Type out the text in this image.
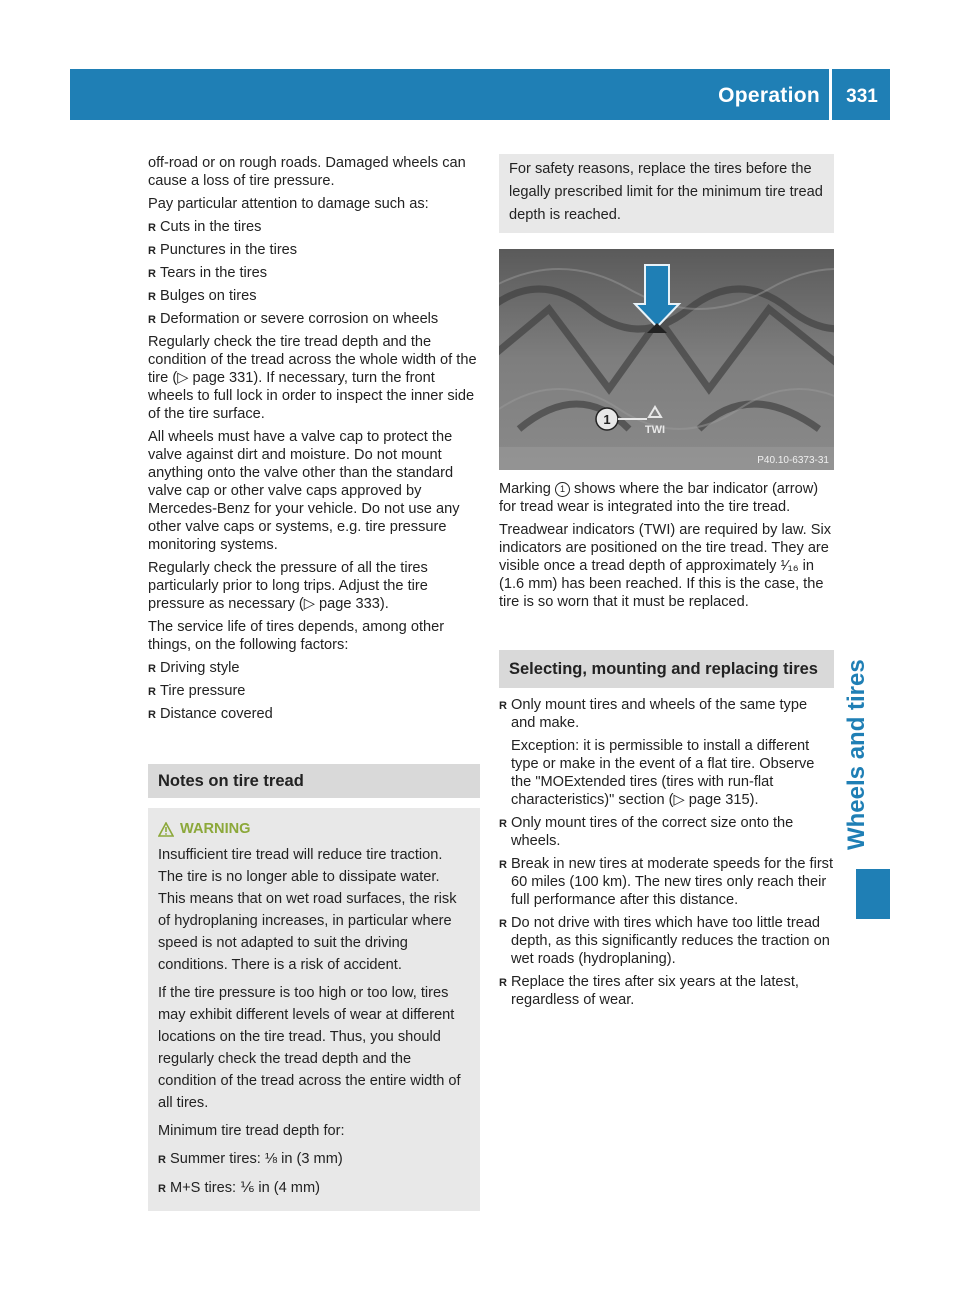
Operation	331
Wheels and tires

off-road or on rough roads. Damaged wheels can cause a loss of tire pressure.

Pay particular attention to damage such as:

R Cuts in the tires
R Punctures in the tires
R Tears in the tires
R Bulges on tires
R Deformation or severe corrosion on wheels

Regularly check the tire tread depth and the condition of the tread across the whole width of the tire (▷ page 331). If necessary, turn the front wheels to full lock in order to inspect the inner side of the tire surface.

All wheels must have a valve cap to protect the valve against dirt and moisture. Do not mount anything onto the valve other than the standard valve cap or other valve caps approved by Mercedes-Benz for your vehicle. Do not use any other valve caps or systems, e.g. tire pressure monitoring systems.

Regularly check the pressure of all the tires particularly prior to long trips. Adjust the tire pressure as necessary (▷ page 333).

The service life of tires depends, among other things, on the following factors:

R Driving style
R Tire pressure
R Distance covered
Notes on tire tread
WARNING

Insufficient tire tread will reduce tire traction. The tire is no longer able to dissipate water. This means that on wet road surfaces, the risk of hydroplaning increases, in particular where speed is not adapted to suit the driving conditions. There is a risk of accident.

If the tire pressure is too high or too low, tires may exhibit different levels of wear at different locations on the tire tread. Thus, you should regularly check the tread depth and the condition of the tread across the entire width of all tires.

Minimum tire tread depth for:

R Summer tires: ⅛ in (3 mm)
R M+S tires: ⅙ in (4 mm)
For safety reasons, replace the tires before the legally prescribed limit for the minimum tire tread depth is reached.
1
TWI
P40.10-6373-31

Marking 1 shows where the bar indicator (arrow) for tread wear is integrated into the tire tread.

Treadwear indicators (TWI) are required by law. Six indicators are positioned on the tire tread. They are visible once a tread depth of approximately ¹⁄₁₆ in (1.6 mm) has been reached. If this is the case, the tire is so worn that it must be replaced.

Selecting, mounting and replacing tires
R Only mount tires and wheels of the same type and make.
Exception: it is permissible to install a different type or make in the event of a flat tire. Observe the "MOExtended tires (tires with run-flat characteristics)" section (▷ page 315).
R Only mount tires of the correct size onto the wheels.
R Break in new tires at moderate speeds for the first 60 miles (100 km). The new tires only reach their full performance after this distance.
R Do not drive with tires which have too little tread depth, as this significantly reduces the traction on wet roads (hydroplaning).
R Replace the tires after six years at the latest, regardless of wear.
